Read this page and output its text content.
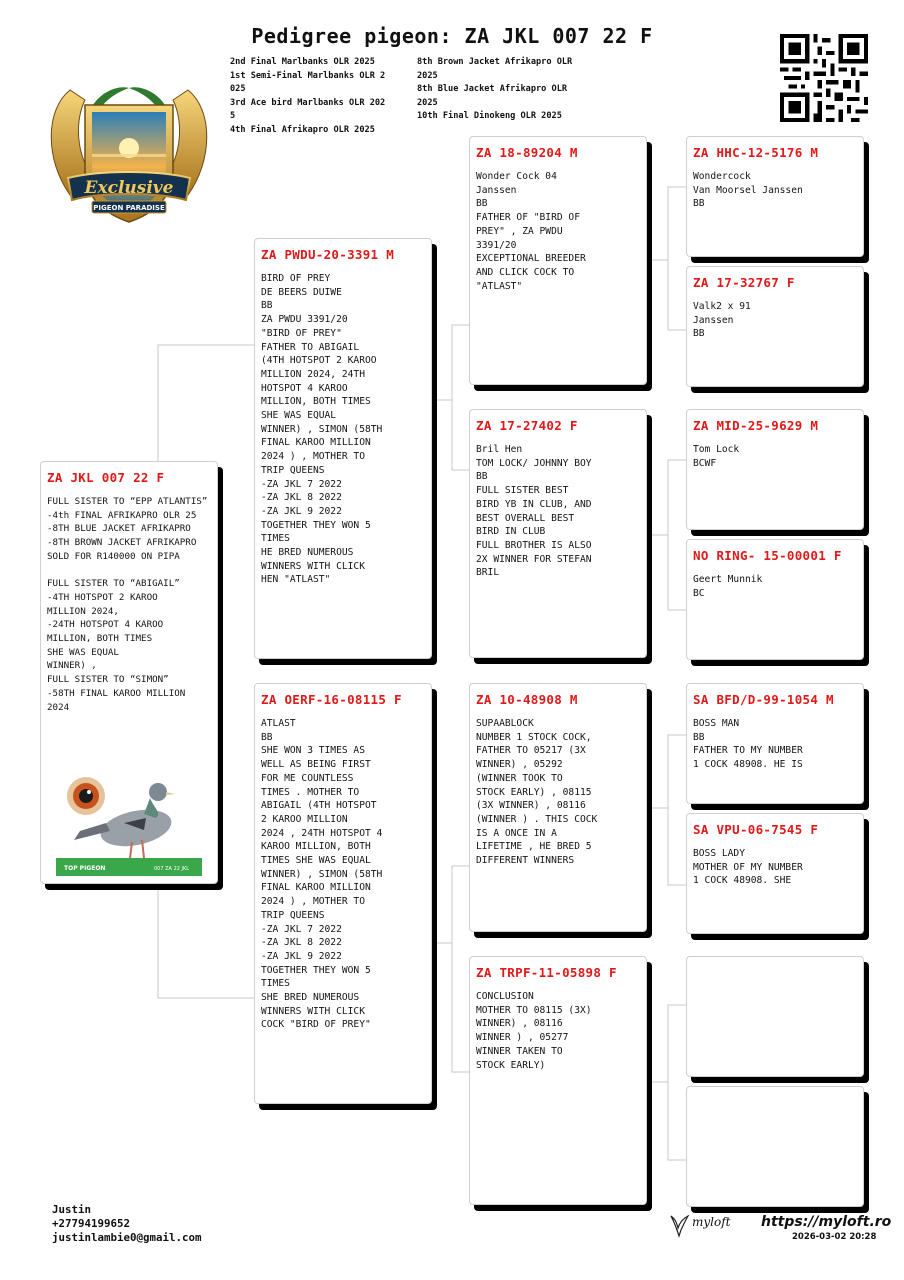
Pedigree pigeon: ZA JKL 007 22 F
2nd Final Marlbanks OLR 2025
1st Semi-Final Marlbanks OLR 2
025
3rd Ace bird Marlbanks OLR 202
5
4th Final Afrikapro OLR 2025
8th Brown Jacket Afrikapro OLR
2025
8th Blue Jacket Afrikapro OLR
2025
10th Final Dinokeng OLR 2025
Exclusive
PIGEON PARADISE
ZA JKL 007 22 F
FULL SISTER TO “EPP ATLANTIS”
-4th FINAL AFRIKAPRO OLR 25
-8TH BLUE JACKET AFRIKAPRO
-8TH BROWN JACKET AFRIKAPRO
SOLD FOR R140000 ON PIPA

FULL SISTER TO “ABIGAIL”
-4TH HOTSPOT 2 KAROO
MILLION 2024,
-24TH HOTSPOT 4 KAROO
MILLION, BOTH TIMES
SHE WAS EQUAL
WINNER) ,
FULL SISTER TO “SIMON”
-58TH FINAL KAROO MILLION
2024
TOP PIGEON	007 ZA 22 JKL
ZA PWDU-20-3391 M
BIRD OF PREY
DE BEERS DUIWE
BB
ZA PWDU 3391/20
"BIRD OF PREY"
FATHER TO ABIGAIL
(4TH HOTSPOT 2 KAROO
MILLION 2024, 24TH
HOTSPOT 4 KAROO
MILLION, BOTH TIMES
SHE WAS EQUAL
WINNER) , SIMON (58TH
FINAL KAROO MILLION
2024 ) , MOTHER TO
TRIP QUEENS
-ZA JKL 7 2022
-ZA JKL 8 2022
-ZA JKL 9 2022
TOGETHER THEY WON 5
TIMES
HE BRED NUMEROUS
WINNERS WITH CLICK
HEN "ATLAST"
ZA OERF-16-08115 F
ATLAST
BB
SHE WON 3 TIMES AS
WELL AS BEING FIRST
FOR ME COUNTLESS
TIMES . MOTHER TO
ABIGAIL (4TH HOTSPOT
2 KAROO MILLION
2024 , 24TH HOTSPOT 4
KAROO MILLION, BOTH
TIMES SHE WAS EQUAL
WINNER) , SIMON (58TH
FINAL KAROO MILLION
2024 ) , MOTHER TO
TRIP QUEENS
-ZA JKL 7 2022
-ZA JKL 8 2022
-ZA JKL 9 2022
TOGETHER THEY WON 5
TIMES
SHE BRED NUMEROUS
WINNERS WITH CLICK
COCK "BIRD OF PREY"
ZA 18-89204 M
Wonder Cock 04
Janssen
BB
FATHER OF "BIRD OF
PREY" , ZA PWDU
3391/20
EXCEPTIONAL BREEDER
AND CLICK COCK TO
"ATLAST"
ZA 17-27402 F
Bril Hen
TOM LOCK/ JOHNNY BOY
BB
FULL SISTER BEST
BIRD YB IN CLUB, AND
BEST OVERALL BEST
BIRD IN CLUB
FULL BROTHER IS ALSO
2X WINNER FOR STEFAN
BRIL
ZA 10-48908 M
SUPAABLOCK
NUMBER 1 STOCK COCK,
FATHER TO 05217 (3X
WINNER) , 05292
(WINNER TOOK TO
STOCK EARLY) , 08115
(3X WINNER) , 08116
(WINNER ) . THIS COCK
IS A ONCE IN A
LIFETIME , HE BRED 5
DIFFERENT WINNERS
ZA TRPF-11-05898 F
CONCLUSION
MOTHER TO 08115 (3X)
WINNER) , 08116
WINNER ) , 05277
WINNER TAKEN TO
STOCK EARLY)
ZA HHC-12-5176 M
Wondercock
Van Moorsel Janssen
BB
ZA 17-32767 F
Valk2 x 91
Janssen
BB
ZA MID-25-9629 M
Tom Lock
BCWF
NO RING- 15-00001 F
Geert Munnik
BC
SA BFD/D-99-1054 M
BOSS MAN
BB
FATHER TO MY NUMBER
1 COCK 48908. HE IS
SA VPU-06-7545 F
BOSS LADY
MOTHER OF MY NUMBER
1 COCK 48908. SHE
Justin
+27794199652
justinlambie0@gmail.com
myloft https://myloft.ro
2026-03-02 20:28
